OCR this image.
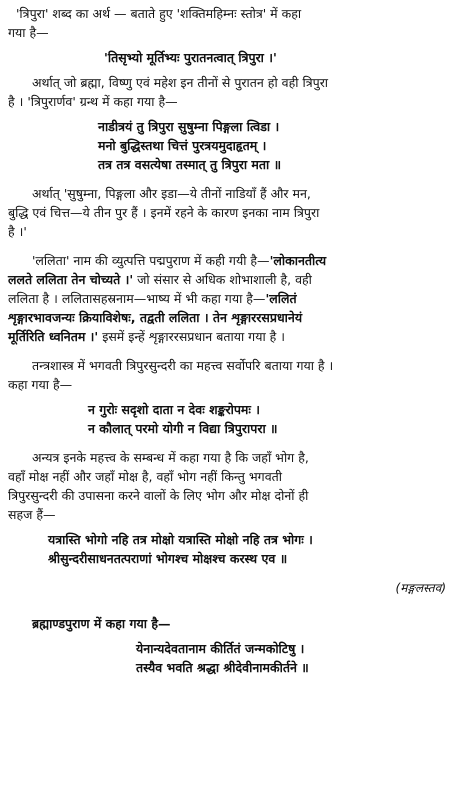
'त्रिपुरा' शब्द का अर्थ — बताते हुए 'शक्तिमहिम्नः स्तोत्र' में कहा

गया है—

'तिसृभ्यो मूर्तिभ्यः पुरातनत्वात् त्रिपुरा ।'

अर्थात् जो ब्रह्मा, विष्णु एवं महेश इन तीनों से पुरातन हो वही त्रिपुरा

है । 'त्रिपुरार्णव' ग्रन्थ में कहा गया है—

नाडीत्रयं तु त्रिपुरा सुषुम्ना पिङ्गला त्विडा ।

मनो बुद्धिस्तथा चित्तं पुरत्रयमुदाहृतम् ।

तत्र तत्र वसत्येषा तस्मात् तु त्रिपुरा मता ॥

अर्थात् 'सुषुम्ना, पिङ्गला और इडा—ये तीनों नाडियाँ हैं और मन,

बुद्धि एवं चित्त—ये तीन पुर हैं । इनमें रहने के कारण इनका नाम त्रिपुरा

है ।'

'ललिता' नाम की व्युत्पत्ति पद्मपुराण में कही गयी है—'लोकानतीत्य

ललते ललिता तेन चोच्यते ।' जो संसार से अधिक शोभाशाली है, वही

ललिता है । ललितासहस्रनाम—भाष्य में भी कहा गया है—'ललितं

शृङ्गारभावजन्यः क्रियाविशेषः, तद्वती ललिता । तेन शृङ्गाररसप्रधानेयं

मूर्तिरिति ध्वनितम ।' इसमें इन्हें शृङ्गाररसप्रधान बताया गया है ।

तन्त्रशास्त्र में भगवती त्रिपुरसुन्दरी का महत्त्व सर्वोपरि बताया गया है ।

कहा गया है—

न गुरोः सदृशो दाता न देवः शङ्करोपमः ।

न कौलात् परमो योगी न विद्या त्रिपुरापरा ॥

अन्यत्र इनके महत्त्व के सम्बन्ध में कहा गया है कि जहाँ भोग है,

वहाँ मोक्ष नहीं और जहाँ मोक्ष है, वहाँ भोग नहीं किन्तु भगवती

त्रिपुरसुन्दरी की उपासना करने वालों के लिए भोग और मोक्ष दोनों ही

सहज हैं—

यत्रास्ति भोगो नहि तत्र मोक्षो यत्रास्ति मोक्षो नहि तत्र भोगः ।

श्रीसुन्दरीसाधनतत्पराणां भोगश्च मोक्षश्च करस्थ एव ॥

(मङ्गलस्तव)

ब्रह्माण्डपुराण में कहा गया है—

येनान्यदेवतानाम कीर्तितं जन्मकोटिषु ।

तस्यैव भवति श्रद्धा श्रीदेवीनामकीर्तने ॥
